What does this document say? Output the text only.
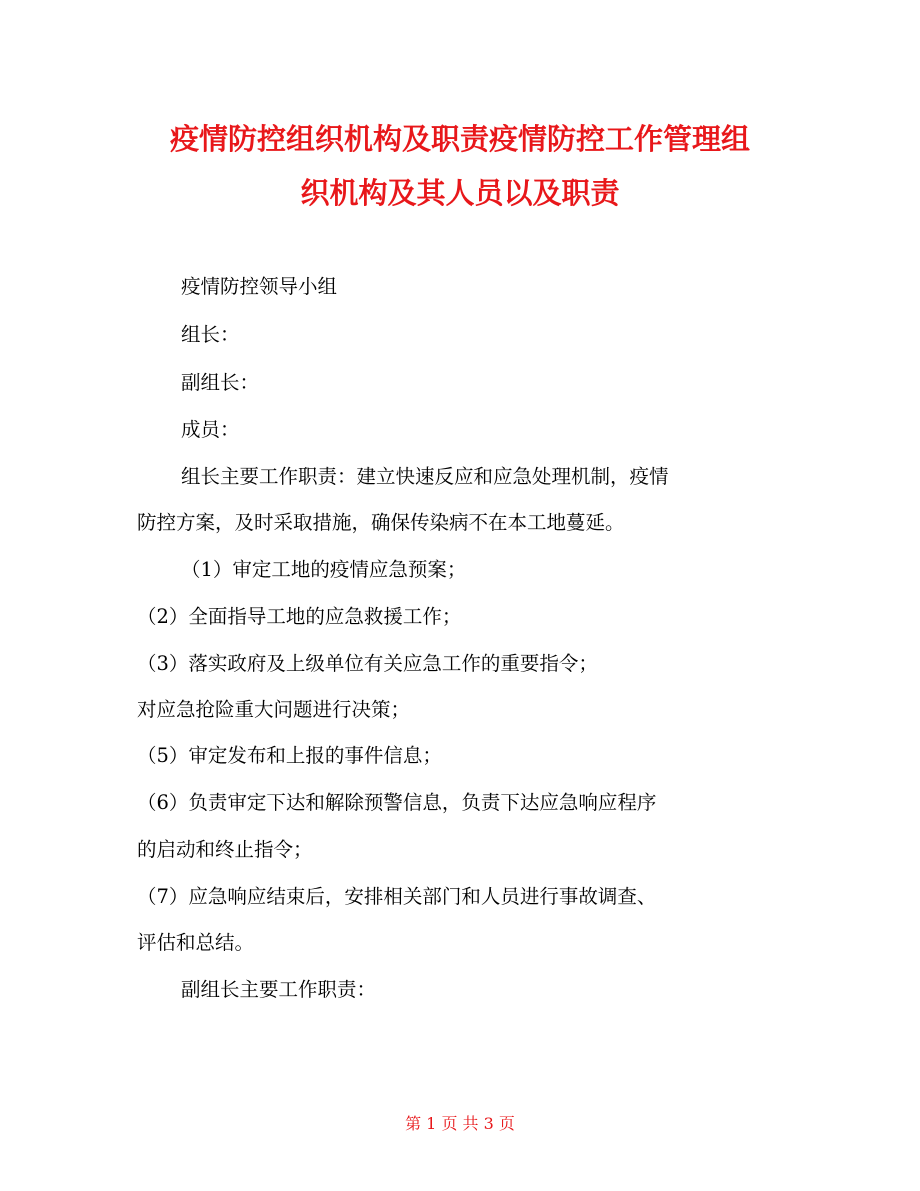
疫情防控组织机构及职责疫情防控工作管理组
织机构及其人员以及职责

疫情防控领导小组

组长：

副组长：

成员：

组长主要工作职责：建立快速反应和应急处理机制，疫情

防控方案，及时采取措施，确保传染病不在本工地蔓延。

（1）审定工地的疫情应急预案；

（2）全面指导工地的应急救援工作；

（3）落实政府及上级单位有关应急工作的重要指令；

对应急抢险重大问题进行决策；

（5）审定发布和上报的事件信息；

（6）负责审定下达和解除预警信息，负责下达应急响应程序

的启动和终止指令；

（7）应急响应结束后，安排相关部门和人员进行事故调查、

评估和总结。

副组长主要工作职责：

第 1 页 共 3 页
